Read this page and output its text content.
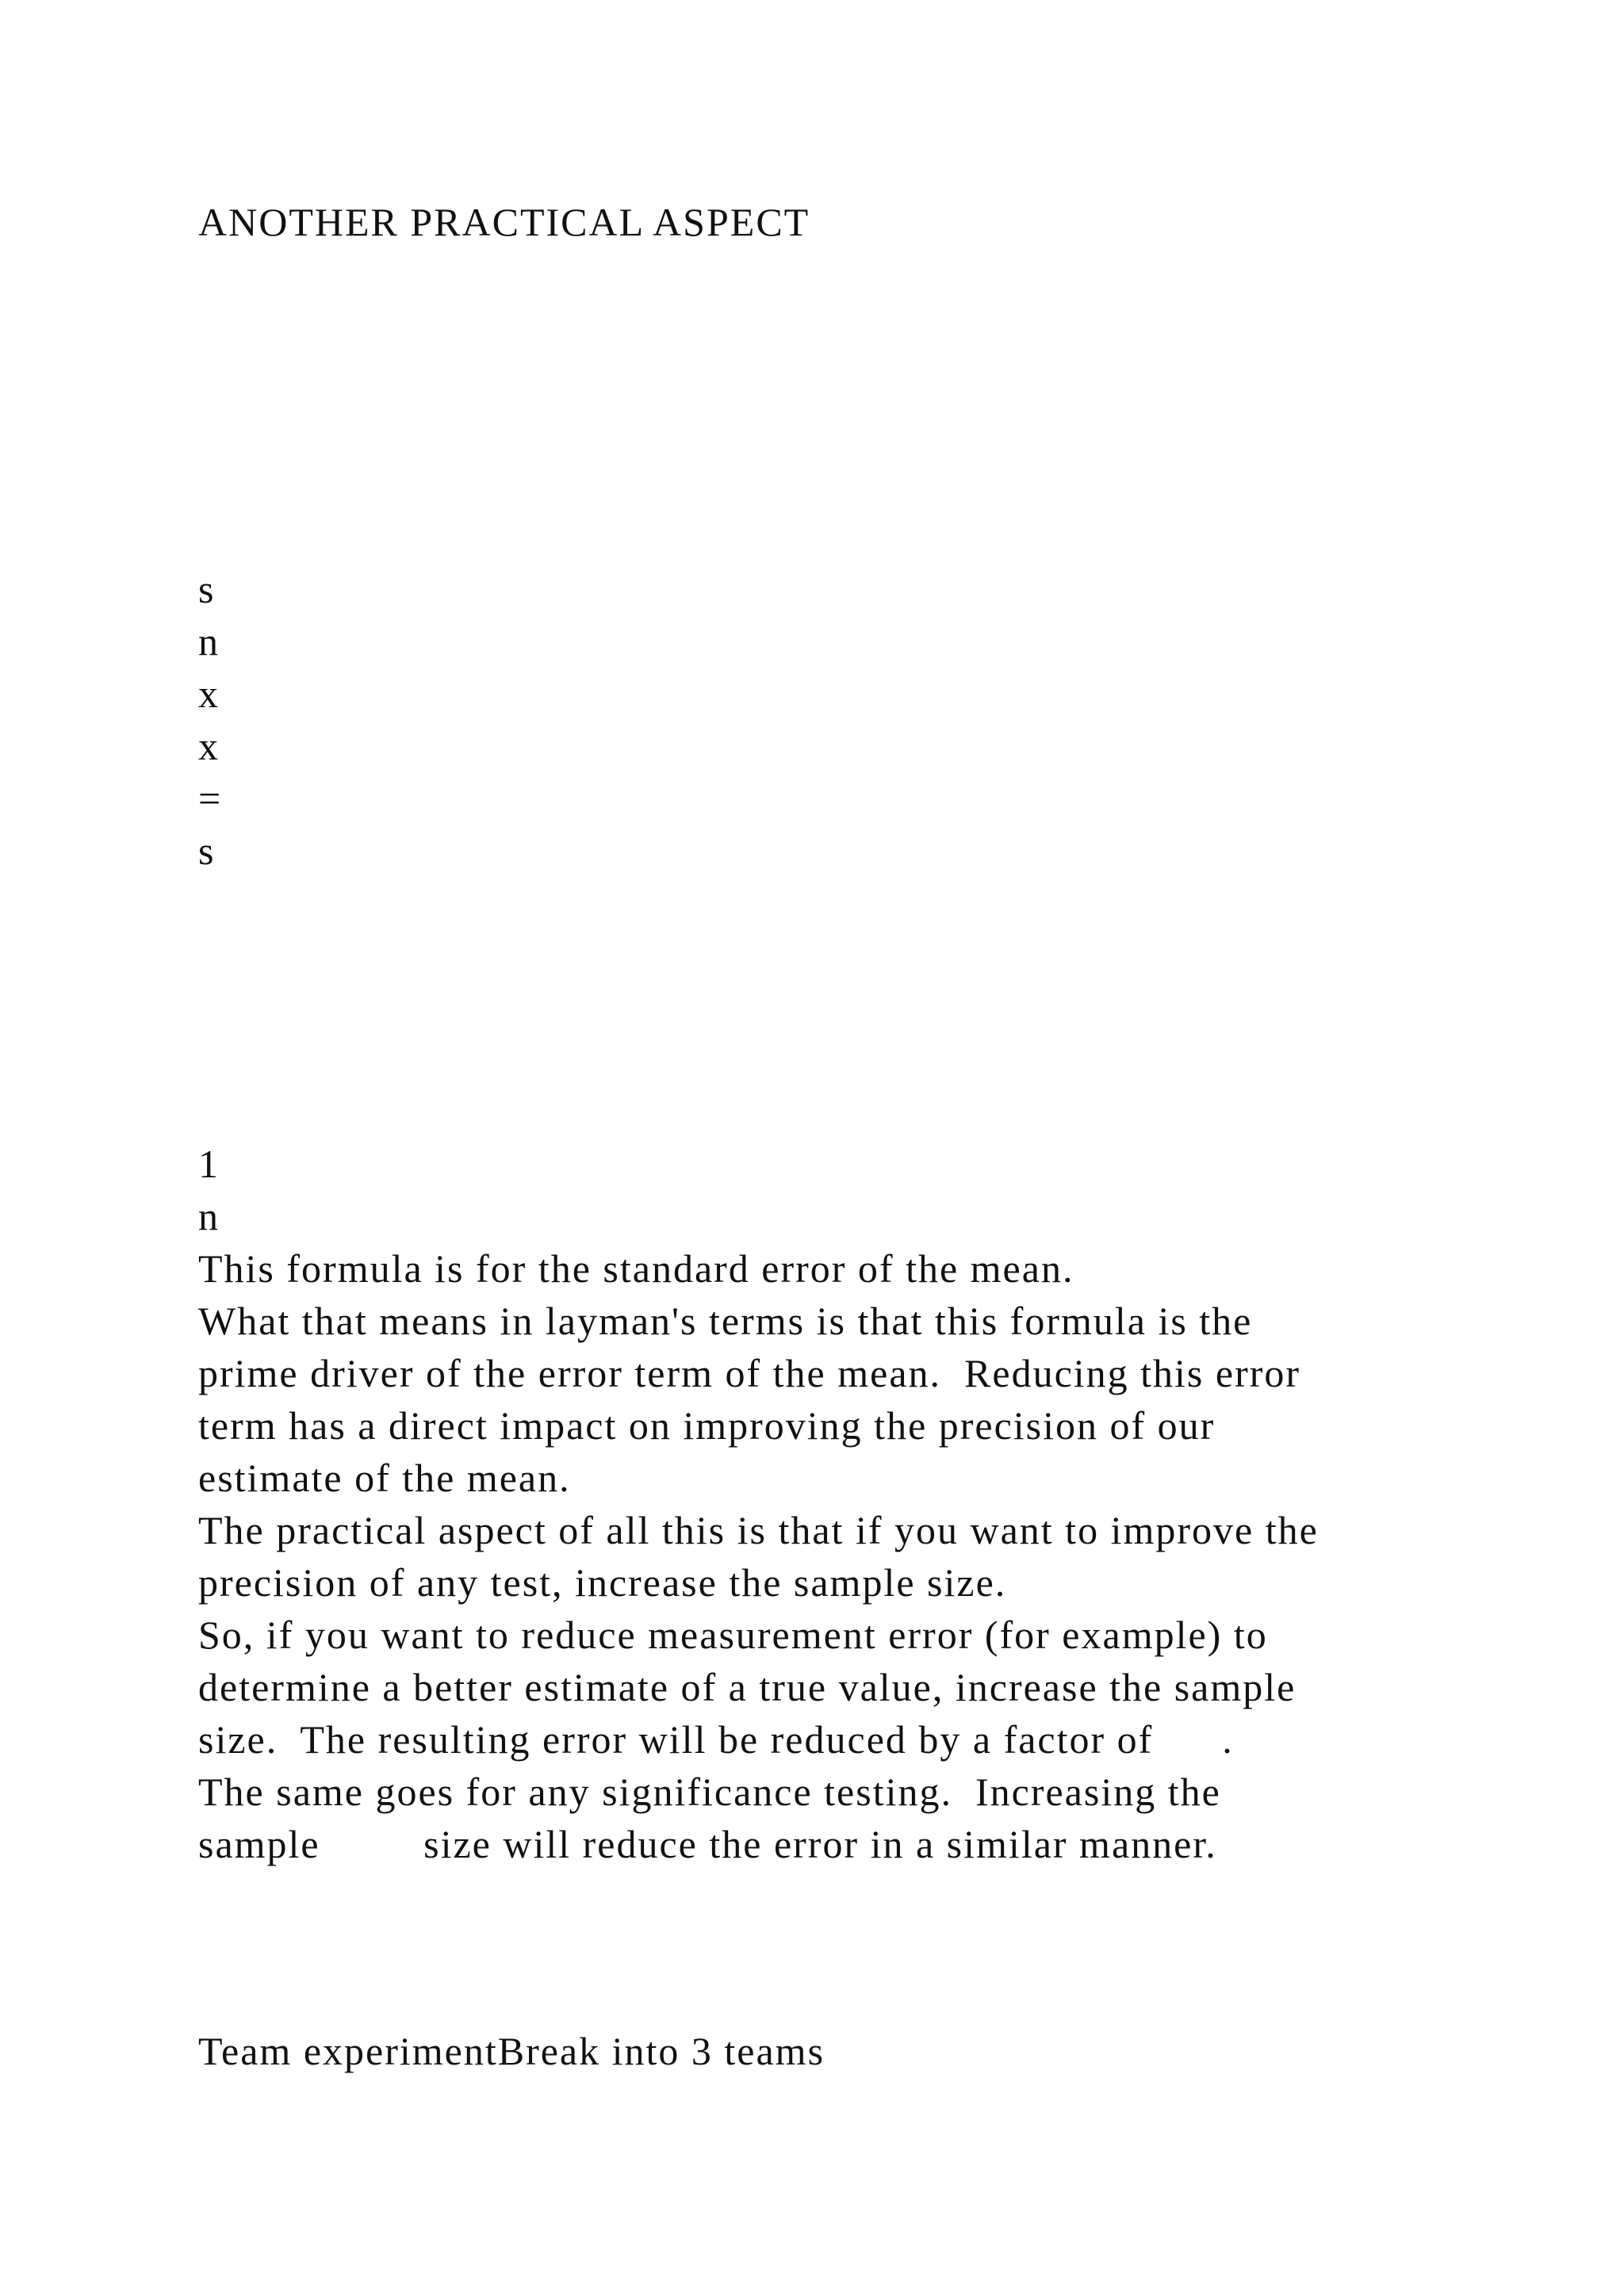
ANOTHER PRACTICAL ASPECT
s
n
x
x
=
s
1
n
This formula is for the standard error of the mean.
What that means in layman's terms is that this formula is the
prime driver of the error term of the mean.  Reducing this error
term has a direct impact on improving the precision of our
estimate of the mean.
The practical aspect of all this is that if you want to improve the
precision of any test, increase the sample size.
So, if you want to reduce measurement error (for example) to
determine a better estimate of a true value, increase the sample
size.  The resulting error will be reduced by a factor of      .
The same goes for any significance testing.  Increasing the
sample         size will reduce the error in a similar manner.
Team experimentBreak into 3 teams
